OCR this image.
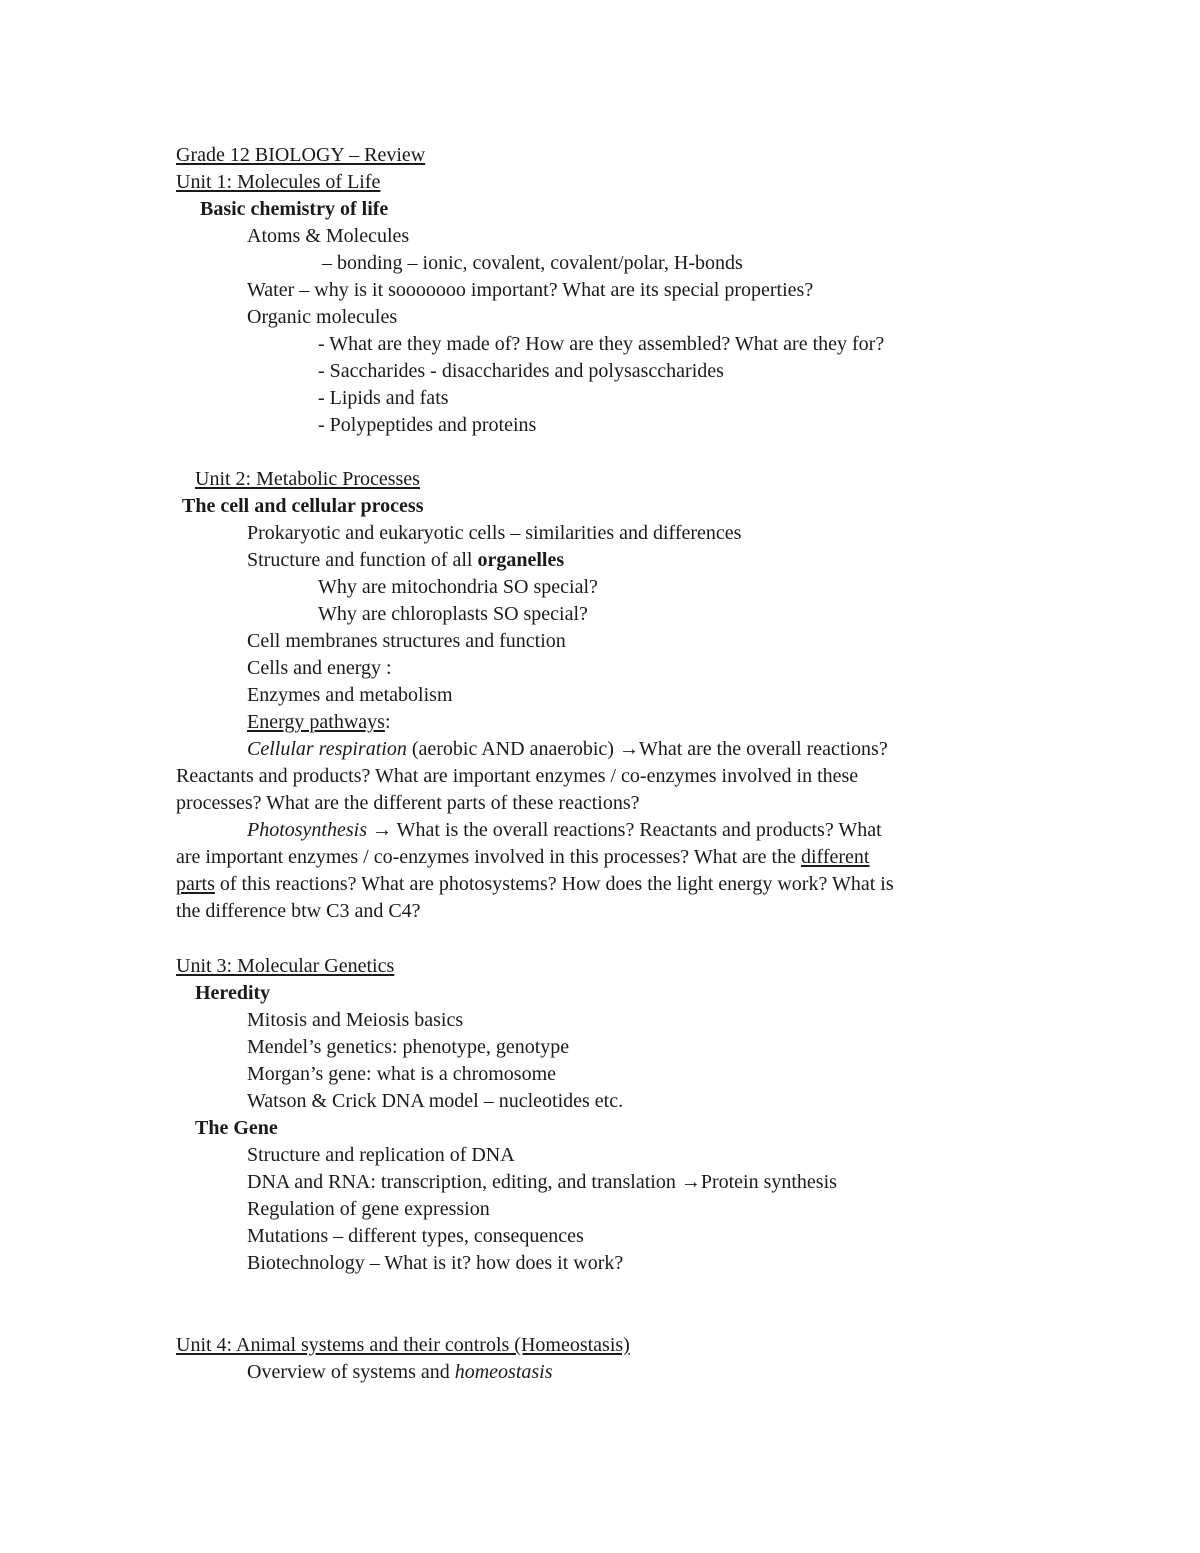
Grade 12 BIOLOGY – Review
Unit 1: Molecules of Life
Basic chemistry of life
Atoms & Molecules
– bonding – ionic, covalent, covalent/polar, H-bonds
Water – why is it sooooooo important? What are its special properties?
Organic molecules
- What are they made of? How are they assembled? What are they for?
- Saccharides - disaccharides and polysasccharides
- Lipids and fats
- Polypeptides and proteins
Unit 2: Metabolic Processes
The cell and cellular process
Prokaryotic and eukaryotic cells – similarities and differences
Structure and function of all organelles
Why are mitochondria SO special?
Why are chloroplasts SO special?
Cell membranes structures and function
Cells and energy :
Enzymes and metabolism
Energy pathways:
Cellular respiration (aerobic AND anaerobic) →What are the overall reactions?
Reactants and products? What are important enzymes / co-enzymes involved in these
processes? What are the different parts of these reactions?
Photosynthesis → What is the overall reactions? Reactants and products? What
are important enzymes / co-enzymes involved in this processes? What are the different
parts of this reactions? What are photosystems? How does the light energy work? What is
the difference btw C3 and C4?
Unit 3: Molecular Genetics
Heredity
Mitosis and Meiosis basics
Mendel’s genetics: phenotype, genotype
Morgan’s gene: what is a chromosome
Watson & Crick DNA model – nucleotides etc.
The Gene
Structure and replication of DNA
DNA and RNA: transcription, editing, and translation →Protein synthesis
Regulation of gene expression
Mutations – different types, consequences
Biotechnology – What is it? how does it work?
Unit 4: Animal systems and their controls (Homeostasis)
Overview of systems and homeostasis
